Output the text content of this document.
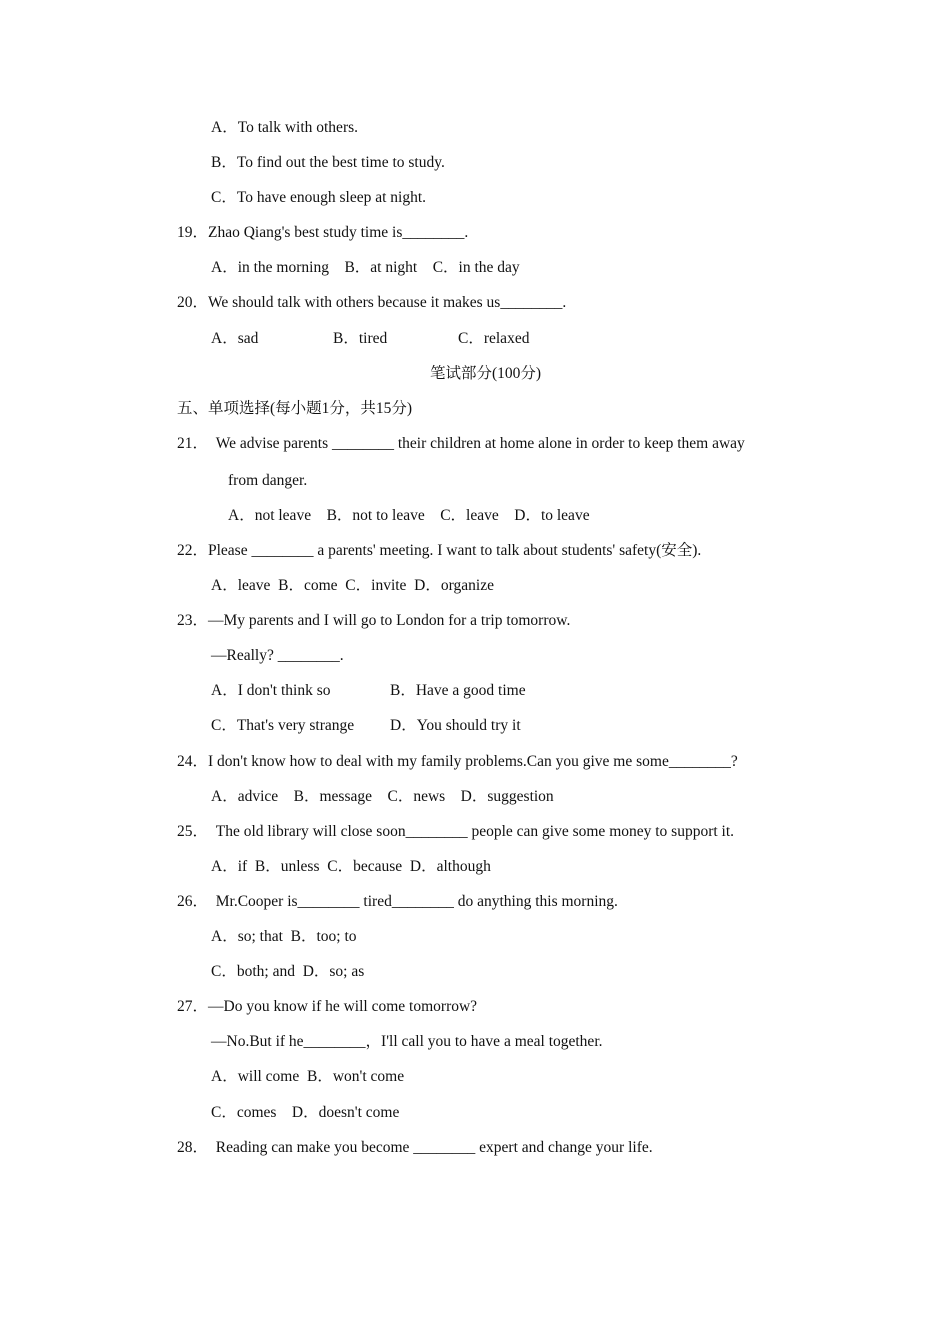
A．To talk with others.
B．To find out the best time to study.
C．To have enough sleep at night.
19．Zhao Qiang's best study time is________.
A．in the morning　B．at night　C．in the day
20．We should talk with others because it makes us________.
A．sad	B．tired	C．relaxed
笔试部分(100分)
五、单项选择(每小题1分，共15分)
21．　We advise parents ________ their children at home alone in order to keep them away
from danger.
A．not leave　B．not to leave　C．leave　D．to leave
22．Please ________ a parents' meeting. I want to talk about students' safety(安全).
A．leave  B．come  C．invite  D．organize
23．—My parents and I will go to London for a trip tomorrow.
—Really? ________.
A．I don't think so	B．Have a good time
C．That's very strange D．You should try it
24．I don't know how to deal with my family problems.Can you give me some________?
A．advice　B．message　C．news　D．suggestion
25．　The old library will close soon________ people can give some money to support it.
A．if  B．unless  C．because  D．although
26．　Mr.Cooper is________ tired________ do anything this morning.
A．so; that  B．too; to
C．both; and  D．so; as
27．—Do you know if he will come tomorrow?
—No.But if he________，I'll call you to have a meal together.
A．will come  B．won't come
C．comes　D．doesn't come
28．　Reading can make you become ________ expert and change your life.
